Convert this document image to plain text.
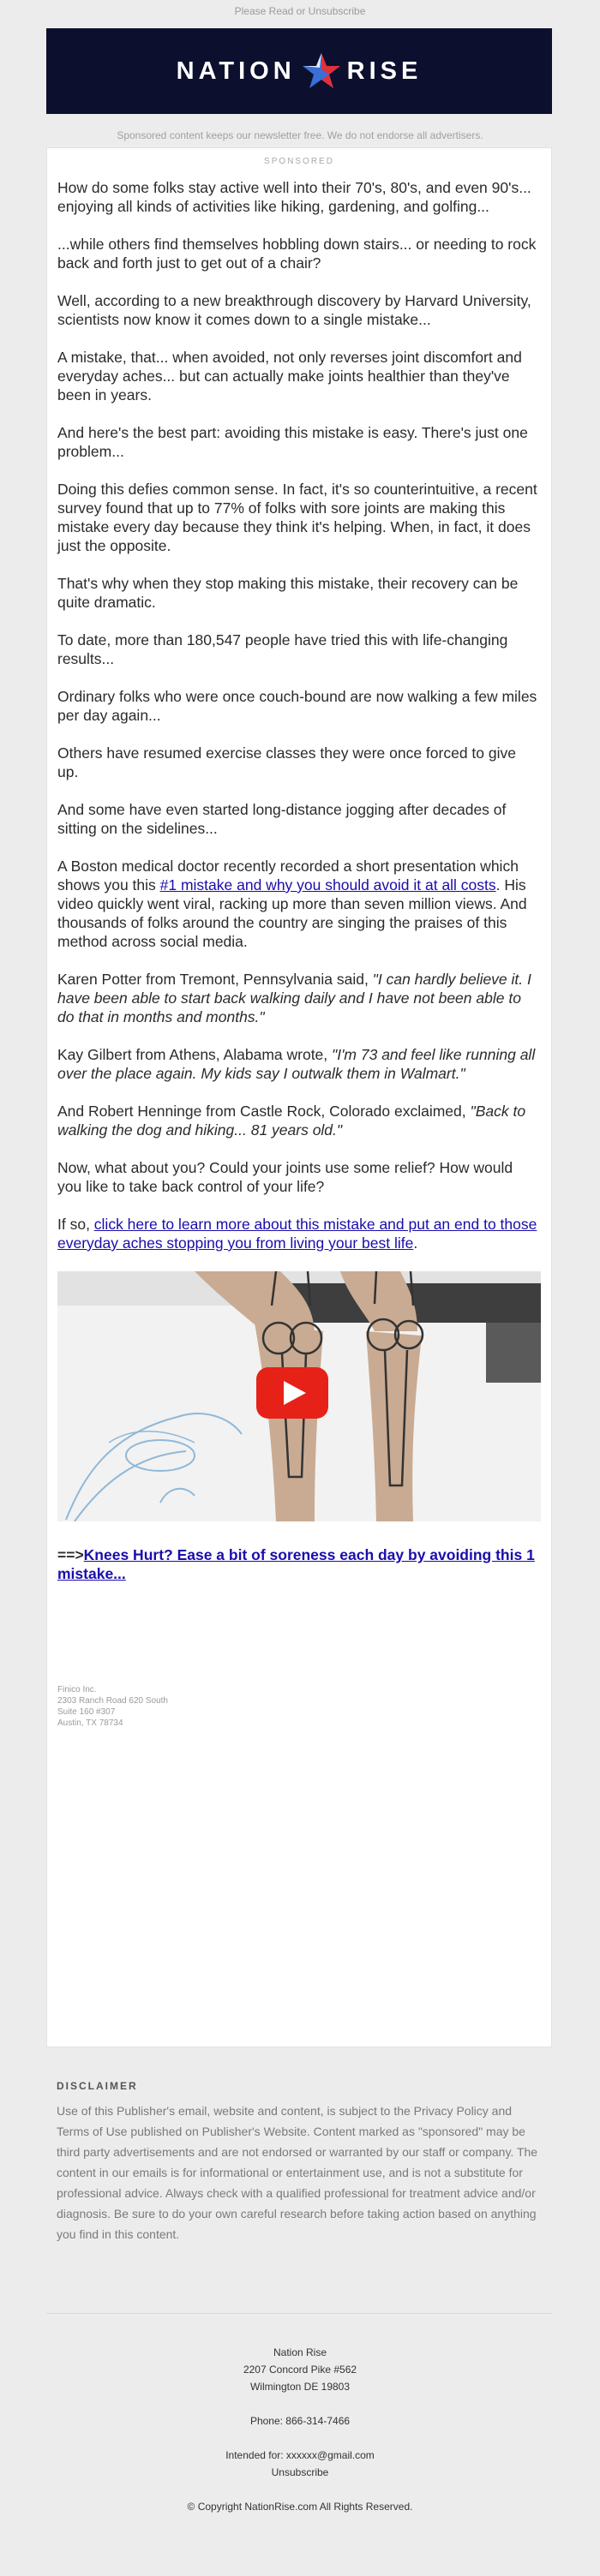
Please Read or Unsubscribe
NATION RISE
Sponsored content keeps our newsletter free. We do not endorse all advertisers.
SPONSORED

How do some folks stay active well into their 70's, 80's, and even 90's... enjoying all kinds of activities like hiking, gardening, and golfing...

...while others find themselves hobbling down stairs... or needing to rock back and forth just to get out of a chair?

Well, according to a new breakthrough discovery by Harvard University, scientists now know it comes down to a single mistake...

A mistake, that... when avoided, not only reverses joint discomfort and everyday aches... but can actually make joints healthier than they've been in years.

And here's the best part: avoiding this mistake is easy. There's just one problem...

Doing this defies common sense. In fact, it's so counterintuitive, a recent survey found that up to 77% of folks with sore joints are making this mistake every day because they think it's helping. When, in fact, it does just the opposite.

That's why when they stop making this mistake, their recovery can be quite dramatic.

To date, more than 180,547 people have tried this with life-changing results...

Ordinary folks who were once couch-bound are now walking a few miles per day again...

Others have resumed exercise classes they were once forced to give up.

And some have even started long-distance jogging after decades of sitting on the sidelines...

A Boston medical doctor recently recorded a short presentation which shows you this #1 mistake and why you should avoid it at all costs. His video quickly went viral, racking up more than seven million views. And thousands of folks around the country are singing the praises of this method across social media.

Karen Potter from Tremont, Pennsylvania said, "I can hardly believe it. I have been able to start back walking daily and I have not been able to do that in months and months."

Kay Gilbert from Athens, Alabama wrote, "I'm 73 and feel like running all over the place again. My kids say I outwalk them in Walmart."

And Robert Henninge from Castle Rock, Colorado exclaimed, "Back to walking the dog and hiking... 81 years old."

Now, what about you? Could your joints use some relief? How would you like to take back control of your life?

If so, click here to learn more about this mistake and put an end to those everyday aches stopping you from living your best life.

==>Knees Hurt? Ease a bit of soreness each day by avoiding this 1 mistake...
Finico Inc.
2303 Ranch Road 620 South
Suite 160 #307
Austin, TX 78734
DISCLAIMER
Use of this Publisher's email, website and content, is subject to the Privacy Policy and Terms of Use published on Publisher's Website. Content marked as "sponsored" may be third party advertisements and are not endorsed or warranted by our staff or company. The content in our emails is for informational or entertainment use, and is not a substitute for professional advice. Always check with a qualified professional for treatment advice and/or diagnosis. Be sure to do your own careful research before taking action based on anything you find in this content.
Nation Rise
2207 Concord Pike #562
Wilmington DE 19803
Phone: 866-314-7466
Intended for: xxxxxx@gmail.com
Unsubscribe
© Copyright NationRise.com All Rights Reserved.
